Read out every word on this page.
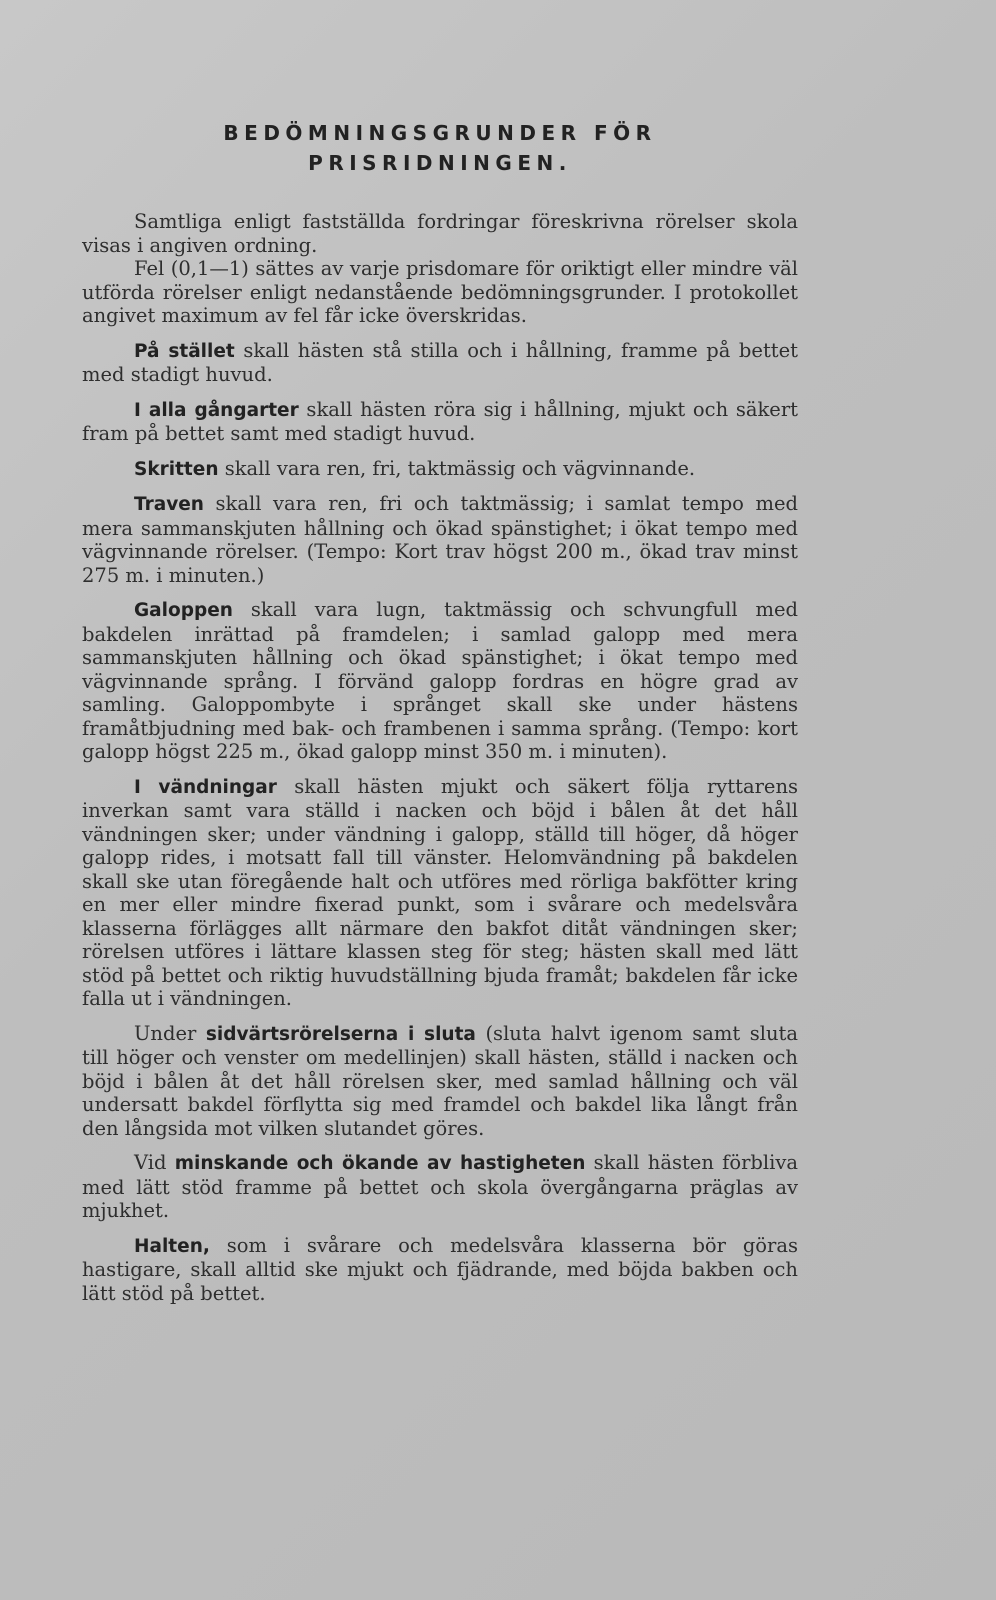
BEDÖMNINGSGRUNDER FÖR
PRISRIDNINGEN.

Samtliga enligt fastställda fordringar föreskrivna rörelser skola visas i angiven ordning.

Fel (0,1—1) sättes av varje prisdomare för oriktigt eller mindre väl utförda rörelser enligt nedanstående bedömningsgrunder. I protokollet angivet maximum av fel får icke överskridas.

På stället skall hästen stå stilla och i hållning, framme på bettet med stadigt huvud.

I alla gångarter skall hästen röra sig i hållning, mjukt och säkert fram på bettet samt med stadigt huvud.

Skritten skall vara ren, fri, taktmässig och vägvinnande.

Traven skall vara ren, fri och taktmässig; i samlat tempo med mera sammanskjuten hållning och ökad spänstighet; i ökat tempo med vägvinnande rörelser. (Tempo: Kort trav högst 200 m., ökad trav minst 275 m. i minuten.)

Galoppen skall vara lugn, taktmässig och schvungfull med bakdelen inrättad på framdelen; i samlad galopp med mera sammanskjuten hållning och ökad spänstighet; i ökat tempo med vägvinnande språng. I förvänd galopp fordras en högre grad av samling. Galoppombyte i språnget skall ske under hästens framåtbjudning med bak- och frambenen i samma språng. (Tempo: kort galopp högst 225 m., ökad galopp minst 350 m. i minuten).

I vändningar skall hästen mjukt och säkert följa ryttarens inverkan samt vara ställd i nacken och böjd i bålen åt det håll vändningen sker; under vändning i galopp, ställd till höger, då höger galopp rides, i motsatt fall till vänster. Helomvändning på bakdelen skall ske utan föregående halt och utföres med rörliga bakfötter kring en mer eller mindre fixerad punkt, som i svårare och medelsvåra klasserna förlägges allt närmare den bakfot ditåt vändningen sker; rörelsen utföres i lättare klassen steg för steg; hästen skall med lätt stöd på bettet och riktig huvudställning bjuda framåt; bakdelen får icke falla ut i vändningen.

Under sidvärtsrörelserna i sluta (sluta halvt igenom samt sluta till höger och venster om medellinjen) skall hästen, ställd i nacken och böjd i bålen åt det håll rörelsen sker, med samlad hållning och väl undersatt bakdel förflytta sig med framdel och bakdel lika långt från den långsida mot vilken slutandet göres.

Vid minskande och ökande av hastigheten skall hästen förbliva med lätt stöd framme på bettet och skola övergångarna präglas av mjukhet.

Halten, som i svårare och medelsvåra klasserna bör göras hastigare, skall alltid ske mjukt och fjädrande, med böjda bakben och lätt stöd på bettet.
